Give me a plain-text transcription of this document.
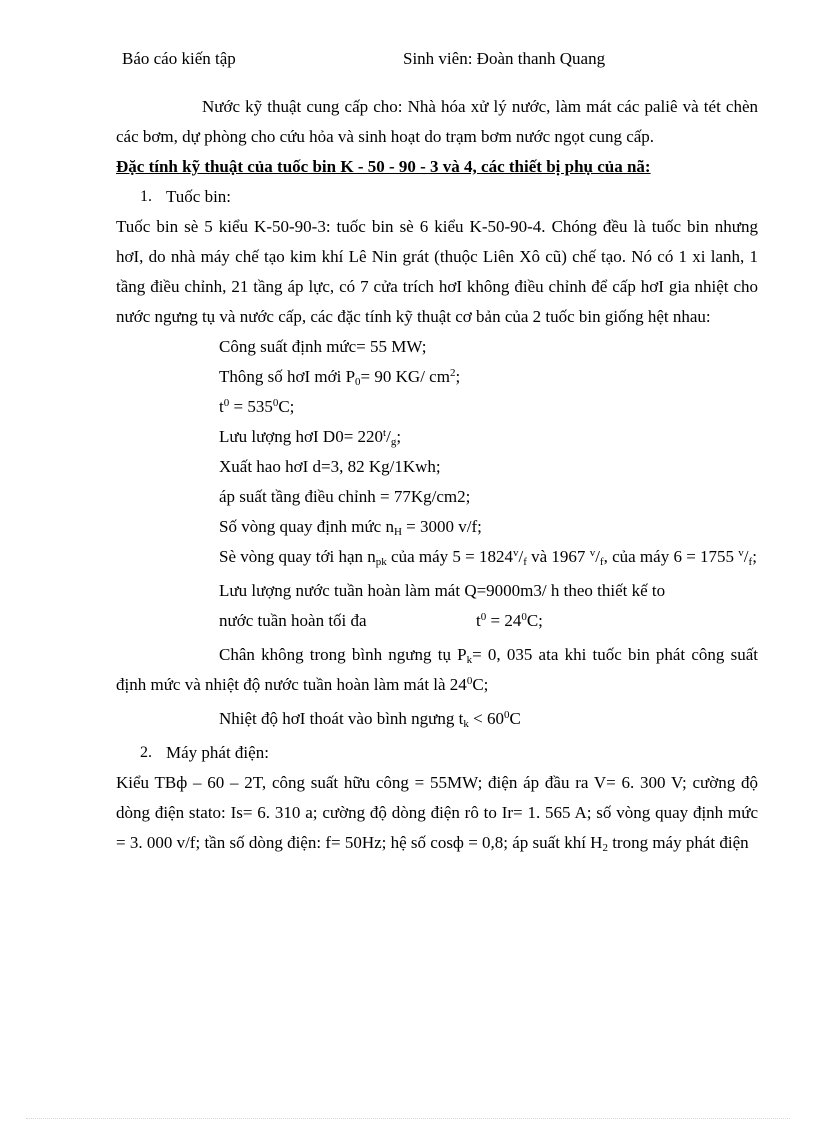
Báo cáo kiến tập	Sinh viên: Đoàn thanh Quang

Nước kỹ thuật cung cấp cho: Nhà hóa xử lý nước, làm mát các paliê và tét chèn các bơm, dự phòng cho cứu hỏa và sinh hoạt do trạm bơm nước ngọt cung cấp.

Đặc tính kỹ thuật của tuốc bin K - 50 - 90 - 3 và 4, các thiết bị phụ của nã:

1. Tuốc bin:

Tuốc bin sè 5 kiểu K-50-90-3: tuốc bin sè 6 kiểu K-50-90-4. Chóng đều là tuốc bin nhưng hơI, do nhà máy chế tạo kim khí Lê Nin grát (thuộc Liên Xô cũ) chế tạo. Nó có 1 xi lanh, 1 tầng điều chỉnh, 21 tầng áp lực, có 7 cửa trích hơI không điều chỉnh để cấp hơI gia nhiệt cho nước ngưng tụ và nước cấp, các đặc tính kỹ thuật cơ bản của 2 tuốc bin giống hệt nhau:

Công suất định mức= 55 MW;

Thông số hơI mới $P_0= 90$ KG/ $cm^2$;

$t^0 = 535^0C$;

Lưu lượng hơI $D0= 220^t/_g$;

Xuất hao hơI d=3, 82 Kg/1Kwh;

áp suất tầng điều chỉnh = 77Kg/cm2;

Số vòng quay định mức $n_H = 3000$ v/f;

Sè vòng quay tới hạn $n_{pk}$ của máy $5 = 1824^v/_f$ và 1967 $^v/_f$, của máy 6 = 1755 $^v/_f$;

Lưu lượng nước tuần hoàn làm mát Q=9000m3/ h theo thiết kế to

nước tuần hoàn tối đa	$t^0 = 24^0C$;

Chân không trong bình ngưng tụ $P_k= 0$, 035 ata khi tuốc bin phát công suất định mức và nhiệt độ nước tuần hoàn làm mát là $24^0C$;

Nhiệt độ hơI thoát vào bình ngưng $t_k < 60^0C$

2. Máy phát điện:

Kiểu TBф – 60 – 2T, công suất hữu công = 55MW; điện áp đầu ra V= 6. 300 V; cường độ dòng điện stato: Is= 6. 310 a; cường độ dòng điện rô to Ir= 1. 565 A; số vòng quay định mức = 3. 000 v/f; tần số dòng điện: f= 50Hz; hệ số cosф = 0,8; áp suất khí $H_2$ trong máy phát điện
